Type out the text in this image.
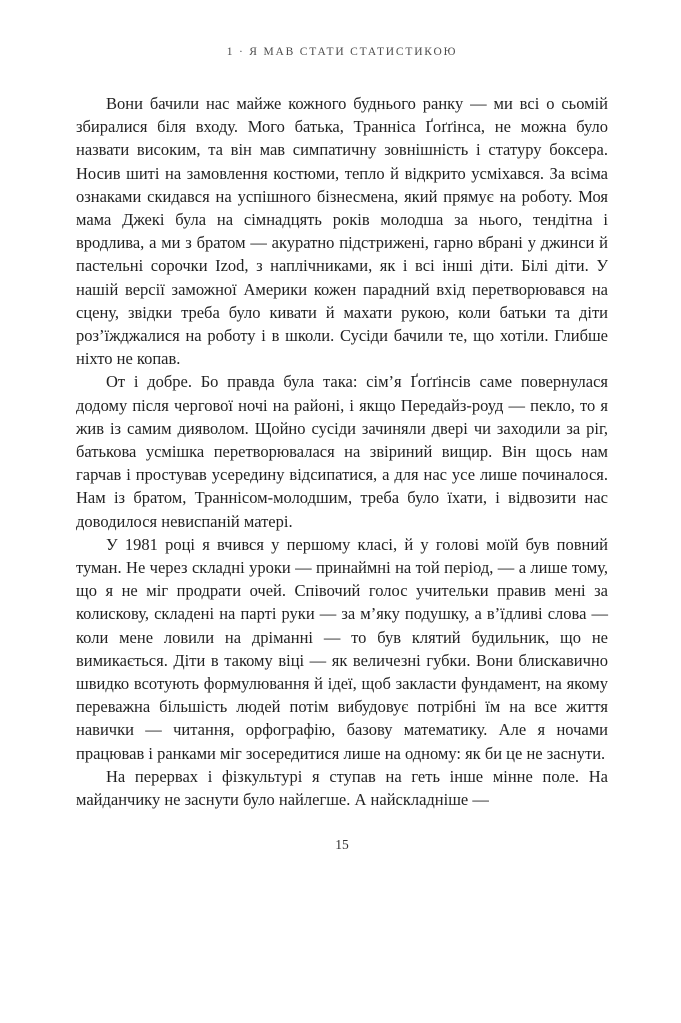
1 · Я МАВ СТАТИ СТАТИСТИКОЮ

Вони бачили нас майже кожного буднього ранку — ми всі о сьомій збиралися біля входу. Мого батька, Транніса Ґоґґінса, не можна було назвати високим, та він мав симпатичну зовнішність і статуру боксера. Носив шиті на замовлення костюми, тепло й відкрито усміхався. За всіма ознаками скидався на успішного бізнесмена, який прямує на роботу. Моя мама Джекі була на сімнадцять років молодша за нього, тендітна і вродлива, а ми з братом — акуратно підстрижені, гарно вбрані у джинси й пастельні сорочки Izod, з наплічниками, як і всі інші діти. Білі діти. У нашій версії заможної Америки кожен парадний вхід перетворювався на сцену, звідки треба було кивати й махати рукою, коли батьки та діти роз’їжджалися на роботу і в школи. Сусіди бачили те, що хотіли. Глибше ніхто не копав.

От і добре. Бо правда була така: сім’я Ґоґґінсів саме повернулася додому після чергової ночі на районі, і якщо Передайз-роуд — пекло, то я жив із самим дияволом. Щойно сусіди зачиняли двері чи заходили за ріг, батькова усмішка перетворювалася на звіриний вищир. Він щось нам гарчав і простував усередину відсипатися, а для нас усе лише починалося. Нам із братом, Траннісом-молодшим, треба було їхати, і відвозити нас доводилося невиспаній матері.

У 1981 році я вчився у першому класі, й у голові моїй був повний туман. Не через складні уроки — принаймні на той період, — а лише тому, що я не міг продрати очей. Співочий голос учительки правив мені за колискову, складені на парті руки — за м’яку подушку, а в’їдливі слова — коли мене ловили на дріманні — то був клятий будильник, що не вимикається. Діти в такому віці — як величезні губки. Вони блискавично швидко всотують формулювання й ідеї, щоб закласти фундамент, на якому переважна більшість людей потім вибудовує потрібні їм на все життя навички — читання, орфографію, базову математику. Але я ночами працював і ранками міг зосередитися лише на одному: як би це не заснути.

На перервах і фізкультурі я ступав на геть інше мінне поле. На майданчику не заснути було найлегше. А найскладніше —

15
